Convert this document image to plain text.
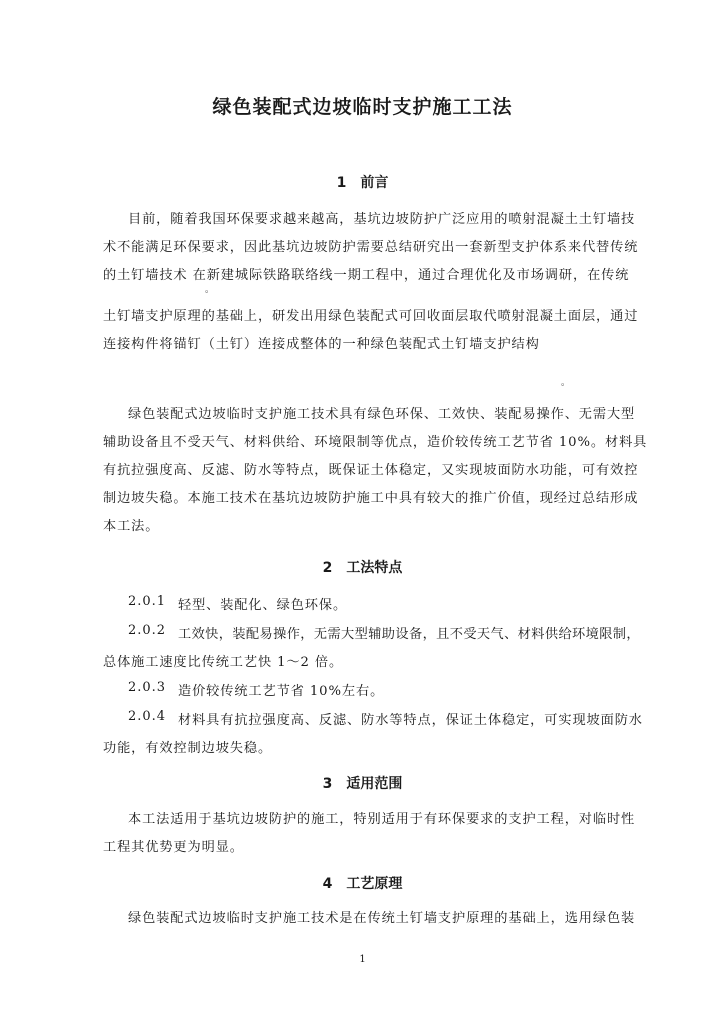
绿色装配式边坡临时支护施工工法
1　前言
目前，随着我国环保要求越来越高，基坑边坡防护广泛应用的喷射混凝土土钉墙技
术不能满足环保要求，因此基坑边坡防护需要总结研究出一套新型支护体系来代替传统
的土钉墙技术 在新建城际铁路联络线一期工程中，通过合理优化及市场调研，在传统
。
土钉墙支护原理的基础上，研发出用绿色装配式可回收面层取代喷射混凝土面层，通过
连接构件将锚钉（土钉）连接成整体的一种绿色装配式土钉墙支护结构
。
绿色装配式边坡临时支护施工技术具有绿色环保、工效快、装配易操作、无需大型
辅助设备且不受天气、材料供给、环境限制等优点，造价较传统工艺节省 10%。材料具
有抗拉强度高、反滤、防水等特点，既保证土体稳定，又实现坡面防水功能，可有效控
制边坡失稳。本施工技术在基坑边坡防护施工中具有较大的推广价值，现经过总结形成
本工法。
2　工法特点
2.0.1 轻型、装配化、绿色环保。
2.0.2 工效快，装配易操作，无需大型辅助设备，且不受天气、材料供给环境限制，
总体施工速度比传统工艺快 1～2 倍。
2.0.3 造价较传统工艺节省 10%左右。
2.0.4 材料具有抗拉强度高、反滤、防水等特点，保证土体稳定，可实现坡面防水
功能，有效控制边坡失稳。
3　适用范围
本工法适用于基坑边坡防护的施工，特别适用于有环保要求的支护工程，对临时性
工程其优势更为明显。
4　工艺原理
绿色装配式边坡临时支护施工技术是在传统土钉墙支护原理的基础上，选用绿色装
1
